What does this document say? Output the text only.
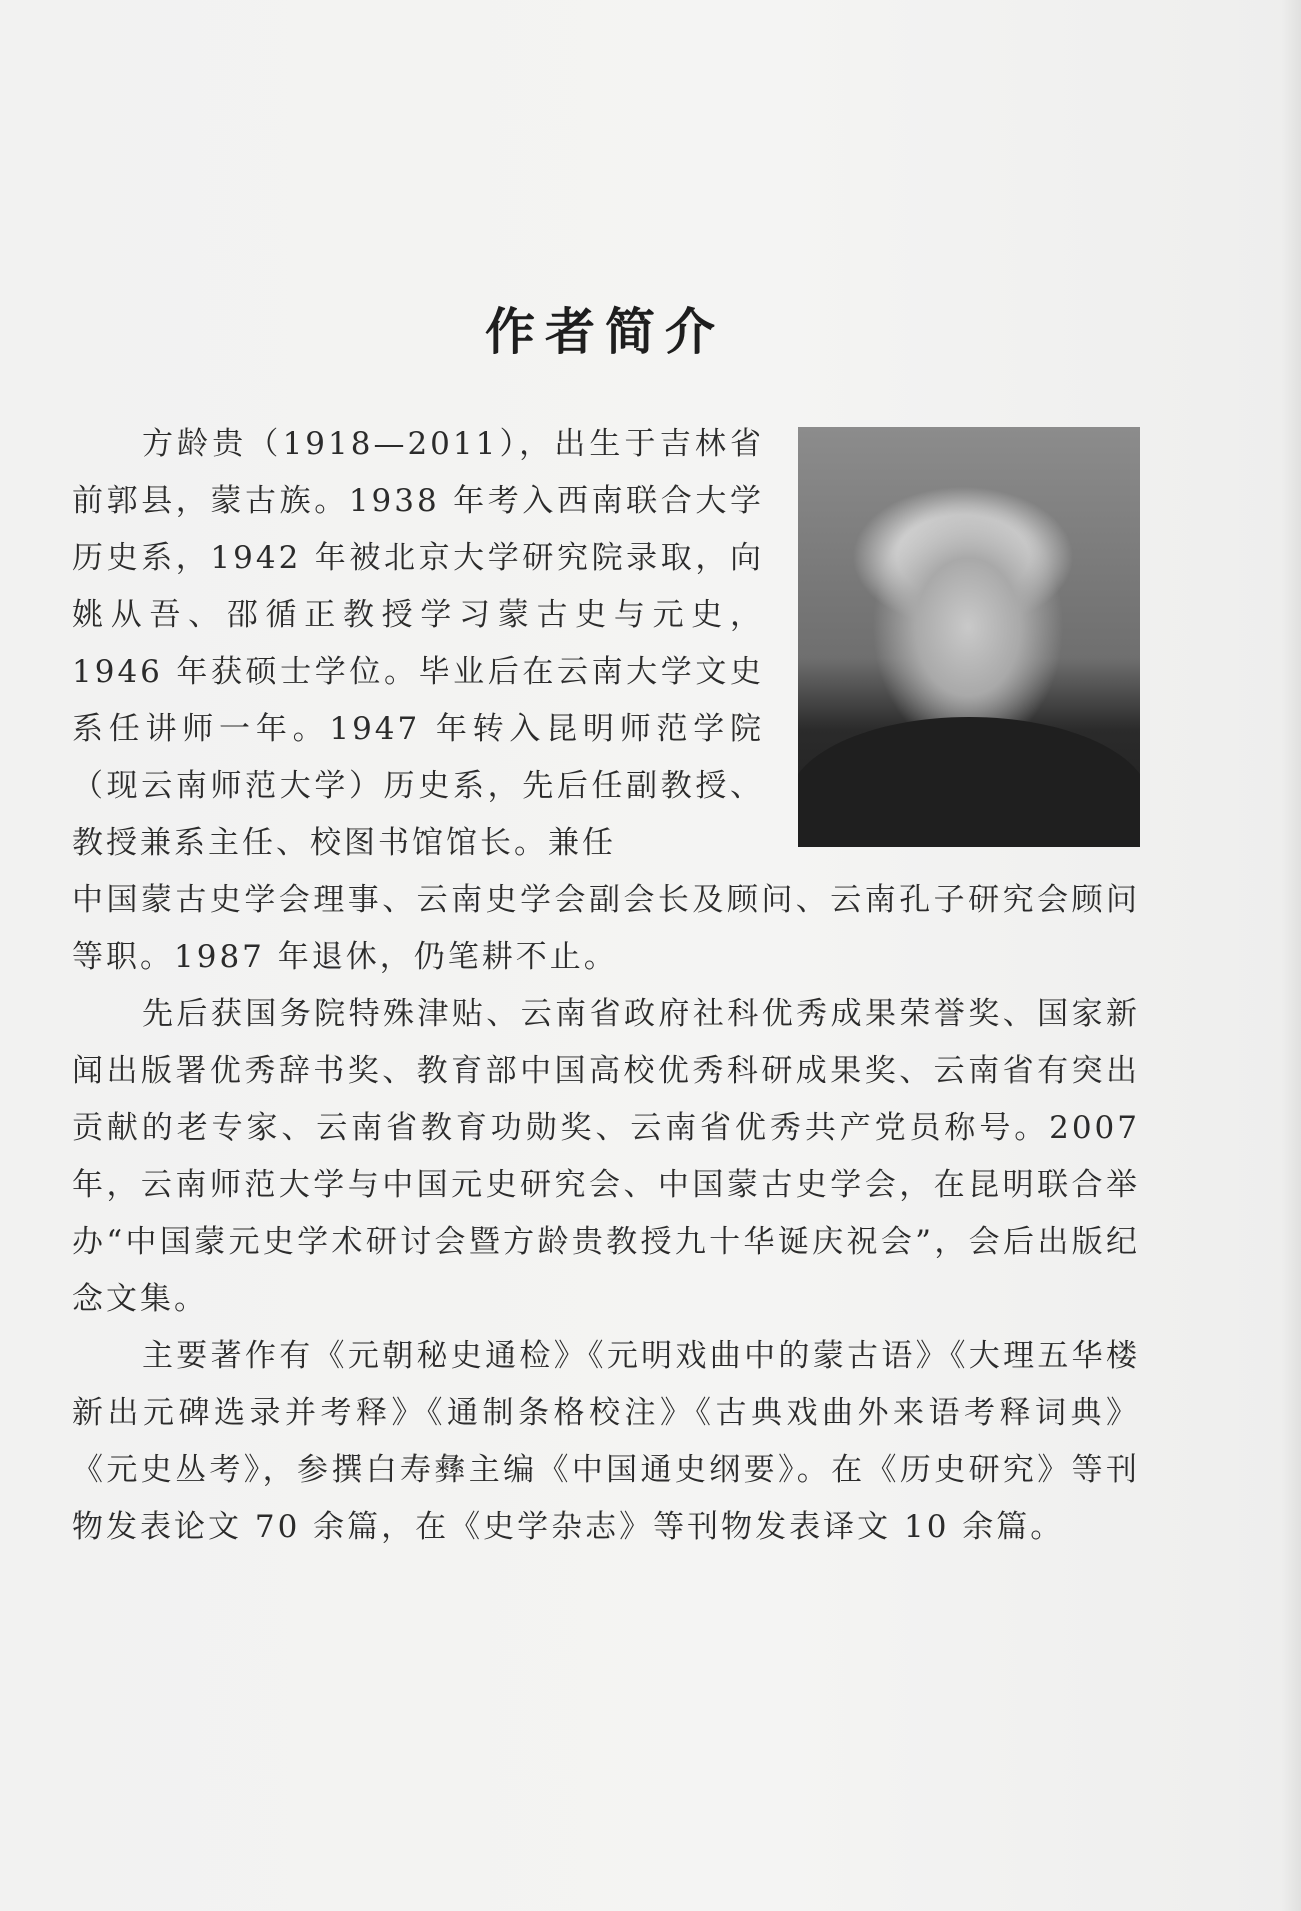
作者简介

方龄贵（1918—2011），出生于吉林省前郭县，蒙古族。1938 年考入西南联合大学历史系，1942 年被北京大学研究院录取，向姚从吾、邵循正教授学习蒙古史与元史，1946 年获硕士学位。毕业后在云南大学文史系任讲师一年。1947 年转入昆明师范学院（现云南师范大学）历史系，先后任副教授、教授兼系主任、校图书馆馆长。兼任

中国蒙古史学会理事、云南史学会副会长及顾问、云南孔子研究会顾问等职。1987 年退休，仍笔耕不止。

先后获国务院特殊津贴、云南省政府社科优秀成果荣誉奖、国家新闻出版署优秀辞书奖、教育部中国高校优秀科研成果奖、云南省有突出贡献的老专家、云南省教育功勋奖、云南省优秀共产党员称号。2007 年，云南师范大学与中国元史研究会、中国蒙古史学会，在昆明联合举办“中国蒙元史学术研讨会暨方龄贵教授九十华诞庆祝会”，会后出版纪念文集。

主要著作有《元朝秘史通检》《元明戏曲中的蒙古语》《大理五华楼新出元碑选录并考释》《通制条格校注》《古典戏曲外来语考释词典》《元史丛考》，参撰白寿彝主编《中国通史纲要》。在《历史研究》等刊物发表论文 70 余篇，在《史学杂志》等刊物发表译文 10 余篇。
